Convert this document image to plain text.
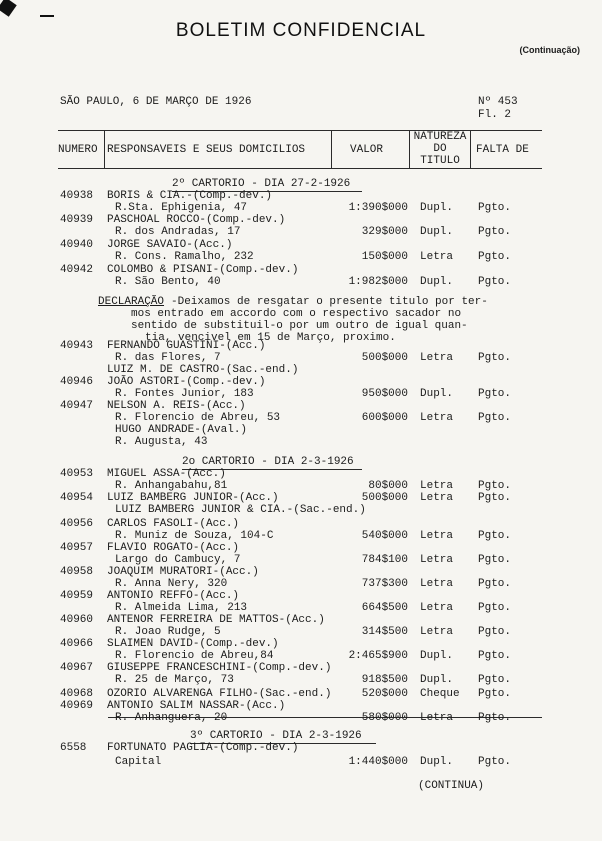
BOLETIM CONFIDENCIAL
(Continuação)
SÃO PAULO, 6 DE MARÇO DE 1926	Nº 453
Fl. 2
NUMERO RESPONSAVEIS E SEUS DOMICILIOS	VALOR
NATUREZA
DO
TITULO
FALTA DE
2º CARTORIO - DIA 27-2-1926
2o CARTORIO - DIA 2-3-1926
3º CARTORIO - DIA 2-3-1926
DECLARAÇÃO -Deixamos de resgatar o presente titulo por ter-
mos entrado em accordo com o respectivo sacador no
sentido de substituil-o por um outro de igual quan-
tia, vencivel em 15 de Março, proximo.
(CONTINUA)
40938 BORIS & CIA.-(Comp.-dev.)
R.Sta. Ephigenia, 47	1:390$000 Dupl. Pgto.
40939 PASCHOAL ROCCO-(Comp.-dev.)
R. dos Andradas, 17	329$000 Dupl. Pgto.
40940 JORGE SAVAIO-(Acc.)
R. Cons. Ramalho, 232	150$000 Letra Pgto.
40942 COLOMBO & PISANI-(Comp.-dev.)
R. São Bento, 40	1:982$000 Dupl. Pgto.
40943 FERNANDO GUASTINI-(Acc.)
R. das Flores, 7	500$000 Letra Pgto.
LUIZ M. DE CASTRO-(Sac.-end.)
40946 JOÃO ASTORI-(Comp.-dev.)
R. Fontes Junior, 183	950$000 Dupl. Pgto.
40947 NELSON A. REIS-(Acc.)
R. Florencio de Abreu, 53	600$000 Letra Pgto.
HUGO ANDRADE-(Aval.)
R. Augusta, 43
40953 MIGUEL ASSA-(Acc.)
R. Anhangabahu,81	80$000 Letra Pgto.
40954 LUIZ BAMBERG JUNIOR-(Acc.)	500$000 Letra Pgto.
LUIZ BAMBERG JUNIOR & CIA.-(Sac.-end.)
40956 CARLOS FASOLI-(Acc.)
R. Muniz de Souza, 104-C	540$000 Letra Pgto.
40957 FLAVIO ROGATO-(Acc.)
Largo do Cambucy, 7	784$100 Letra Pgto.
40958 JOAQUIM MURATORI-(Acc.)
R. Anna Nery, 320	737$300 Letra Pgto.
40959 ANTONIO REFFO-(Acc.)
R. Almeida Lima, 213	664$500 Letra Pgto.
40960 ANTENOR FERREIRA DE MATTOS-(Acc.)
R. Joao Rudge, 5	314$500 Letra Pgto.
40966 SLAIMEN DAVID-(Comp.-dev.)
R. Florencio de Abreu,84	2:465$900 Dupl. Pgto.
40967 GIUSEPPE FRANCESCHINI-(Comp.-dev.)
R. 25 de Março, 73	918$500 Dupl. Pgto.
40968 OZORIO ALVARENGA FILHO-(Sac.-end.)	520$000 Cheque Pgto.
40969 ANTONIO SALIM NASSAR-(Acc.)
R. Anhanguera, 20	580$000 Letra Pgto.
6558 FORTUNATO PAGLIA-(Comp.-dev.)
Capital	1:440$000 Dupl. Pgto.
